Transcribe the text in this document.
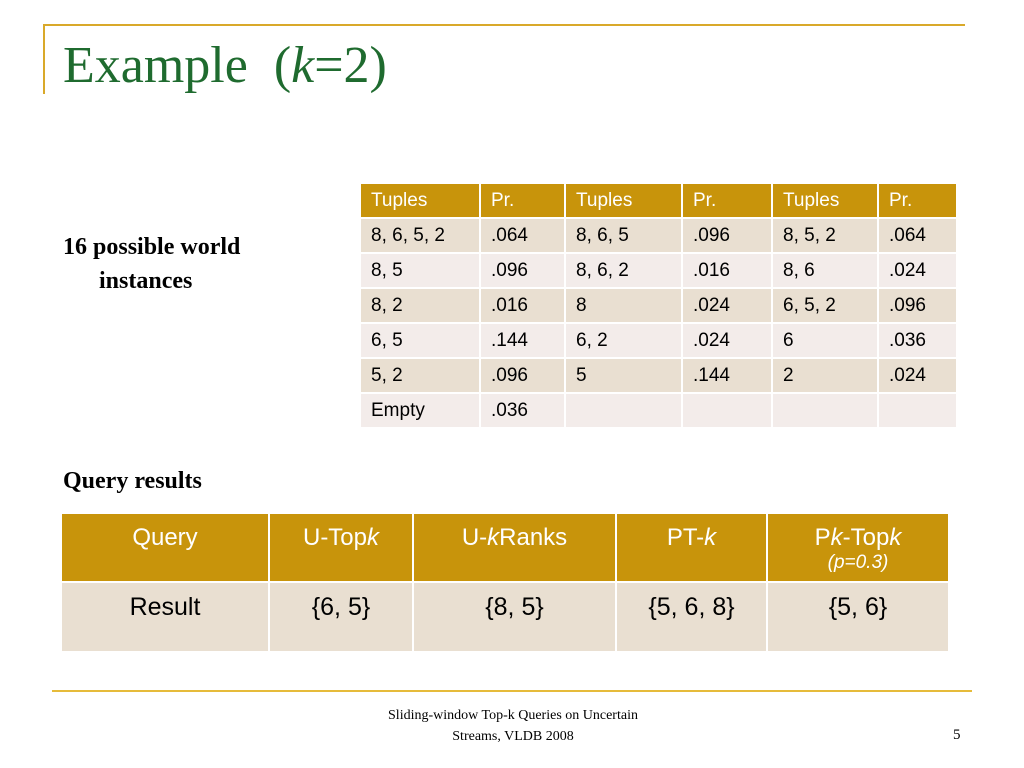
Example  (k=2)
16 possible world
instances
Tuples	Pr.	Tuples	Pr.	Tuples	Pr.
8, 6, 5, 2	.064	8, 6, 5	.096	8, 5, 2	.064
8, 5	.096	8, 6, 2	.016	8, 6	.024
8, 2	.016	8	.024	6, 5, 2	.096
6, 5	.144	6, 2	.024	6	.036
5, 2	.096	5	.144	2	.024
Empty	.036				
Query results
Query	U-Topk	U-kRanks	PT-k	Pk-Topk
(p=0.3)

Result	{6, 5}	{8, 5}	{5, 6, 8}	{5, 6}
Sliding-window Top-k Queries on Uncertain
Streams, VLDB 2008	5
